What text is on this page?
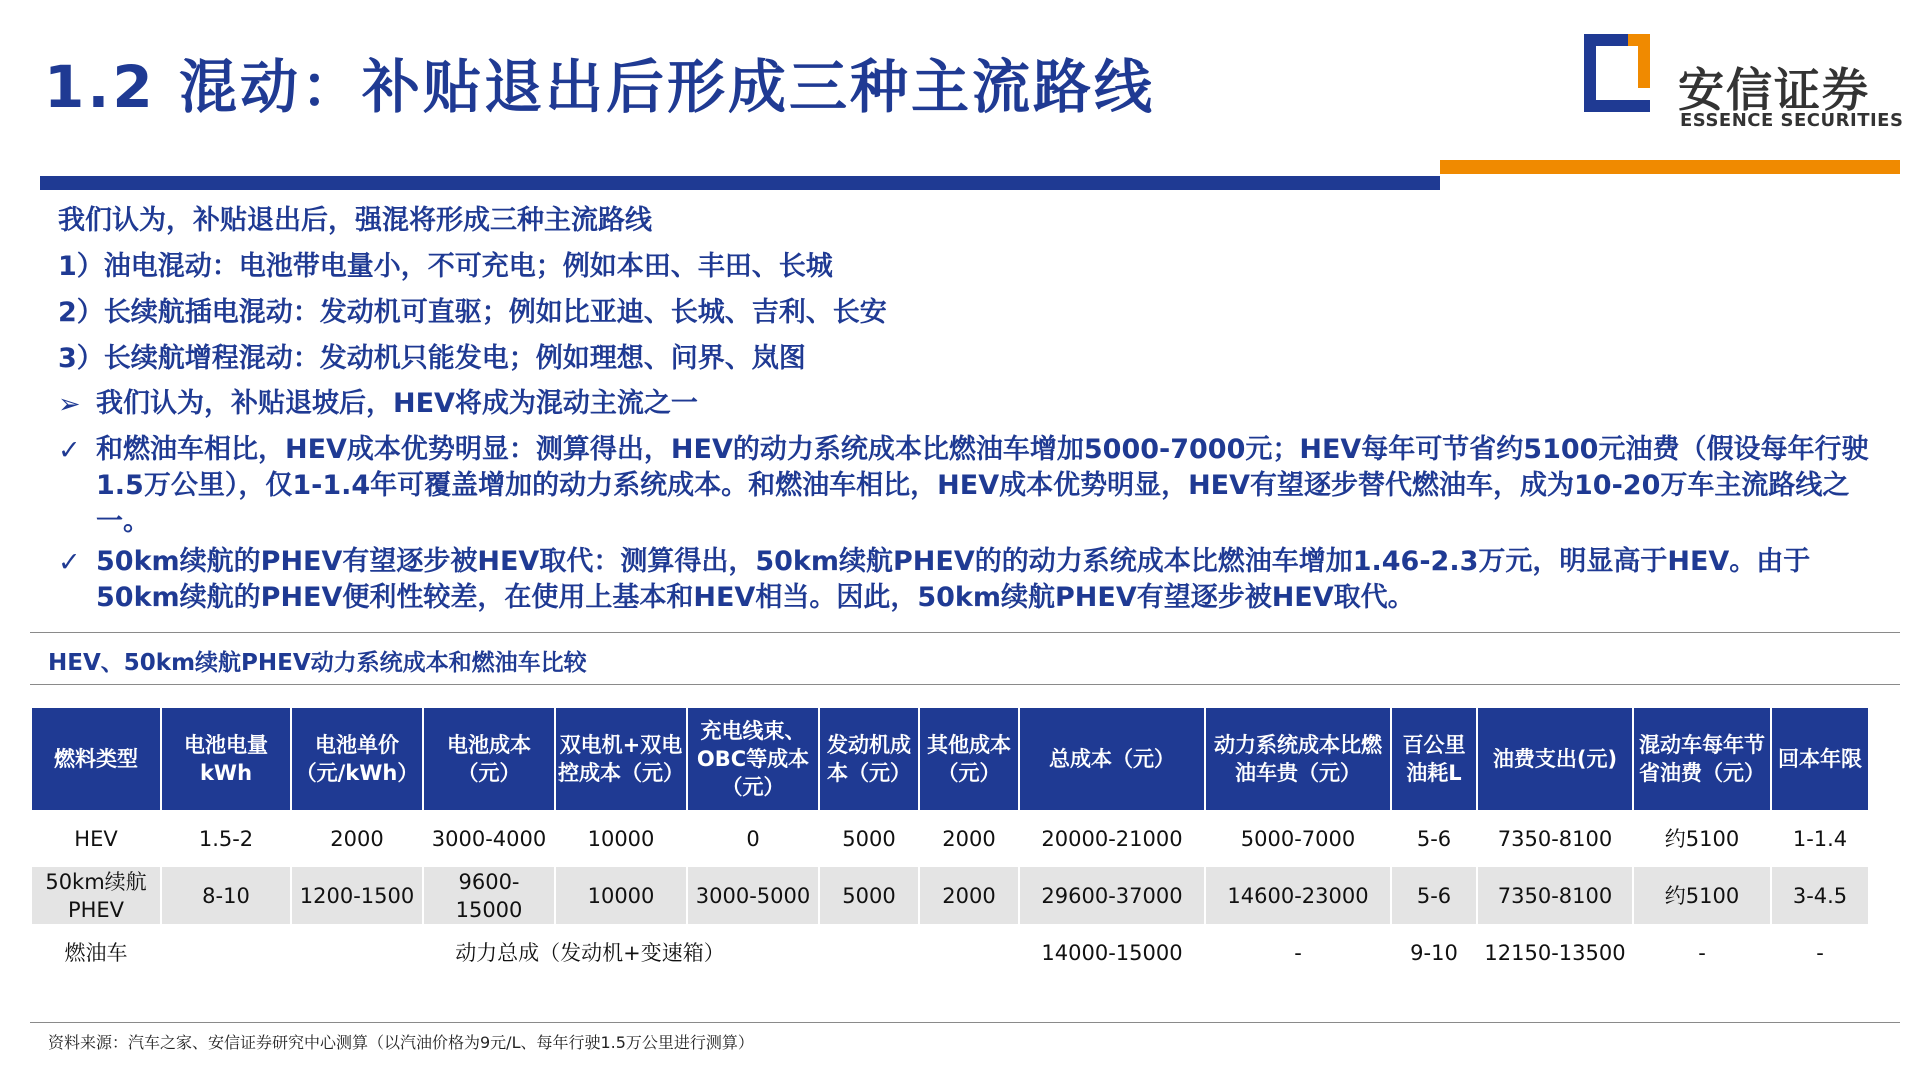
1.2 混动：补贴退出后形成三种主流路线	安信证券
ESSENCE SECURITIES

我们认为，补贴退出后，强混将形成三种主流路线

1）油电混动：电池带电量小，不可充电；例如本田、丰田、长城

2）长续航插电混动：发动机可直驱；例如比亚迪、长城、吉利、长安

3）长续航增程混动：发动机只能发电；例如理想、问界、岚图

➢ 我们认为，补贴退坡后，HEV将成为混动主流之一
✓ 和燃油车相比，HEV成本优势明显：测算得出，HEV的动力系统成本比燃油车增加5000-7000元；HEV每年可节省约5100元油费（假设每年行驶1.5万公里），仅1-1.4年可覆盖增加的动力系统成本。和燃油车相比，HEV成本优势明显，HEV有望逐步替代燃油车，成为10-20万车主流路线之一。
✓ 50km续航的PHEV有望逐步被HEV取代：测算得出，50km续航PHEV的的动力系统成本比燃油车增加1.46-2.3万元，明显高于HEV。由于50km续航的PHEV便利性较差，在使用上基本和HEV相当。因此，50km续航PHEV有望逐步被HEV取代。
HEV、50km续航PHEV动力系统成本和燃油车比较
燃料类型	电池电量kWh	电池单价（元/kWh）	电池成本（元）	双电机+双电控成本（元）	充电线束、OBC等成本（元）	发动机成本（元）	其他成本（元）	总成本（元）	动力系统成本比燃油车贵（元）	百公里油耗L	油费支出(元)	混动车每年节省油费（元）	回本年限
HEV	1.5-2	2000	3000-4000	10000	0	5000	2000	20000-21000	5000-7000	5-6	7350-8100	约5100	1-1.4
50km续航PHEV	8-10	1200-1500	9600-15000	10000	3000-5000	5000	2000	29600-37000	14600-23000	5-6	7350-8100	约5100	3-4.5
燃油车	动力总成（发动机+变速箱）							14000-15000	-	9-10	12150-13500	-	-
资料来源：汽车之家、安信证券研究中心测算（以汽油价格为9元/L、每年行驶1.5万公里进行测算）
